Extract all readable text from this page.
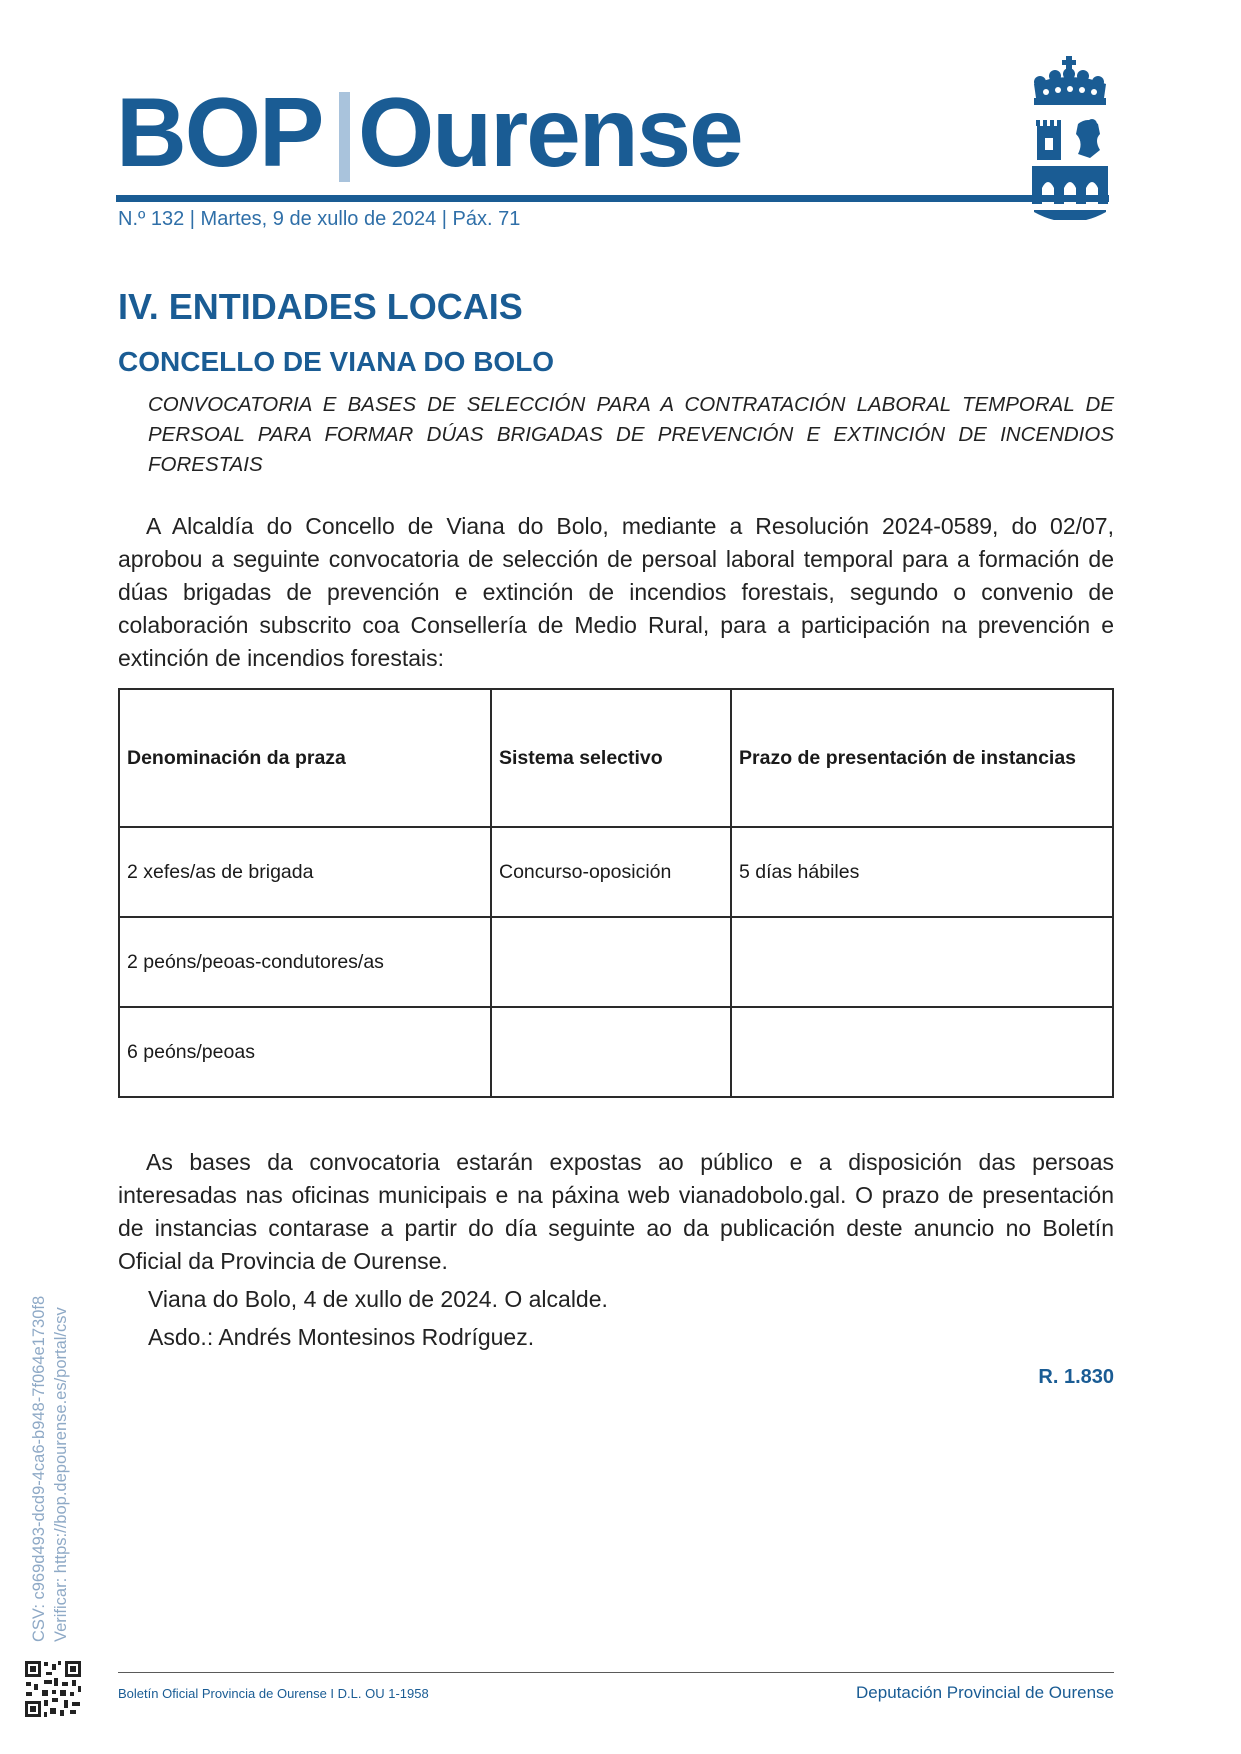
BOP Ourense
N.º 132 | Martes, 9 de xullo de 2024 | Páx. 71
IV. ENTIDADES LOCAIS
CONCELLO DE VIANA DO BOLO
CONVOCATORIA E BASES DE SELECCIÓN PARA A CONTRATACIÓN LABORAL TEMPORAL DE PERSOAL PARA FORMAR DÚAS BRIGADAS DE PREVENCIÓN E EXTINCIÓN DE INCENDIOS FORESTAIS
A Alcaldía do Concello de Viana do Bolo, mediante a Resolución 2024-0589, do 02/07, aprobou a seguinte convocatoria de selección de persoal laboral temporal para a formación de dúas brigadas de prevención e extinción de incendios forestais, segundo o convenio de colaboración subscrito coa Consellería de Medio Rural, para a participación na prevención e extinción de incendios forestais:
Denominación da praza	Sistema selectivo	Prazo de presentación de instancias
2 xefes/as de brigada	Concurso-oposición	5 días hábiles
2 peóns/peoas-condutores/as		
6 peóns/peoas		
As bases da convocatoria estarán expostas ao público e a disposición das persoas interesadas nas oficinas municipais e na páxina web vianadobolo.gal. O prazo de presentación de instancias contarase a partir do día seguinte ao da publicación deste anuncio no Boletín Oficial da Provincia de Ourense.
Viana do Bolo, 4 de xullo de 2024. O alcalde.
Asdo.: Andrés Montesinos Rodríguez.
R. 1.830
CSV: c969d493-dcd9-4ca6-b948-7f064e1730f8 Verificar: https://bop.depourense.es/portal/csv
Boletín Oficial Provincia de Ourense I D.L. OU 1-1958	Deputación Provincial de Ourense
